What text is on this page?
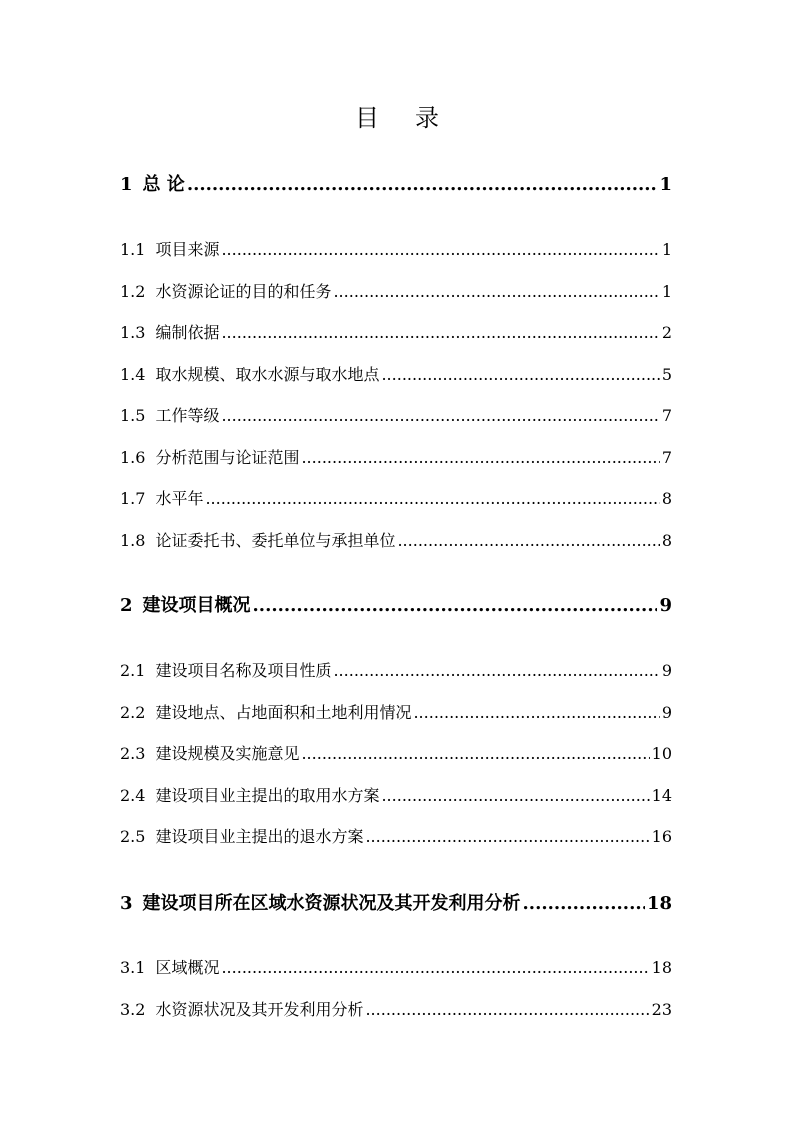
目 录
1 总 论 .....	1
1.1 项目来源 .....	1
1.2 水资源论证的目的和任务 .....	1
1.3 编制依据 .....	2
1.4 取水规模、取水水源与取水地点 .....	5
1.5 工作等级 .....	7
1.6 分析范围与论证范围 .....	7
1.7 水平年 .....	8
1.8 论证委托书、委托单位与承担单位 .....	8
2 建设项目概况 .....	9
2.1 建设项目名称及项目性质 .....	9
2.2 建设地点、占地面积和土地利用情况 .....	9
2.3 建设规模及实施意见 .....	10
2.4 建设项目业主提出的取用水方案 .....	14
2.5 建设项目业主提出的退水方案 .....	16
3 建设项目所在区域水资源状况及其开发利用分析 .....	18
3.1 区域概况 .....	18
3.2 水资源状况及其开发利用分析 .....	23
